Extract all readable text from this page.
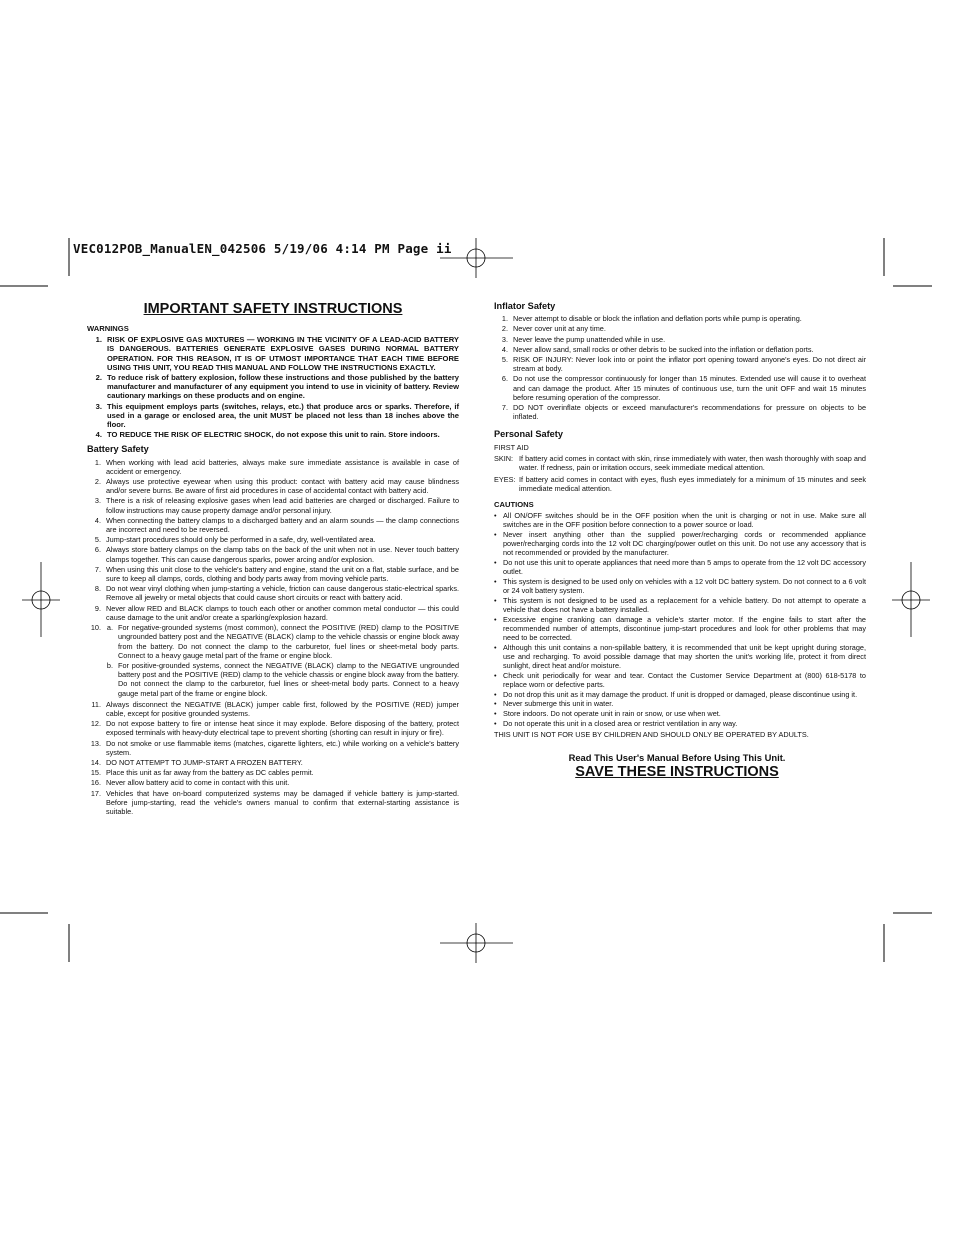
VEC012POB_ManualEN_042506 5/19/06 4:14 PM Page ii
IMPORTANT SAFETY INSTRUCTIONS
WARNINGS
1. RISK OF EXPLOSIVE GAS MIXTURES — WORKING IN THE VICINITY OF A LEAD-ACID BATTERY IS DANGEROUS. BATTERIES GENERATE EXPLOSIVE GASES DURING NORMAL BATTERY OPERATION. FOR THIS REASON, IT IS OF UTMOST IMPORTANCE THAT EACH TIME BEFORE USING THIS UNIT, YOU READ THIS MANUAL AND FOLLOW THE INSTRUCTIONS EXACTLY.
2. To reduce risk of battery explosion, follow these instructions and those published by the battery manufacturer and manufacturer of any equipment you intend to use in vicinity of battery. Review cautionary markings on these products and on engine.
3. This equipment employs parts (switches, relays, etc.) that produce arcs or sparks. Therefore, if used in a garage or enclosed area, the unit MUST be placed not less than 18 inches above the floor.
4. TO REDUCE THE RISK OF ELECTRIC SHOCK, do not expose this unit to rain. Store indoors.
Battery Safety
1. When working with lead acid batteries, always make sure immediate assistance is available in case of accident or emergency.
2. Always use protective eyewear when using this product: contact with battery acid may cause blindness and/or severe burns. Be aware of first aid procedures in case of accidental contact with battery acid.
3. There is a risk of releasing explosive gases when lead acid batteries are charged or discharged. Failure to follow instructions may cause property damage and/or personal injury.
4. When connecting the battery clamps to a discharged battery and an alarm sounds — the clamp connections are incorrect and need to be reversed.
5. Jump-start procedures should only be performed in a safe, dry, well-ventilated area.
6. Always store battery clamps on the clamp tabs on the back of the unit when not in use. Never touch battery clamps together. This can cause dangerous sparks, power arcing and/or explosion.
7. When using this unit close to the vehicle's battery and engine, stand the unit on a flat, stable surface, and be sure to keep all clamps, cords, clothing and body parts away from moving vehicle parts.
8. Do not wear vinyl clothing when jump-starting a vehicle, friction can cause dangerous static-electrical sparks. Remove all jewelry or metal objects that could cause short circuits or react with battery acid.
9. Never allow RED and BLACK clamps to touch each other or another common metal conductor — this could cause damage to the unit and/or create a sparking/explosion hazard.
10. a. For negative-grounded systems (most common), connect the POSITIVE (RED) clamp to the POSITIVE ungrounded battery post and the NEGATIVE (BLACK) clamp to the vehicle chassis or engine block away from the battery. Do not connect the clamp to the carburetor, fuel lines or sheet-metal body parts. Connect to a heavy gauge metal part of the frame or engine block.
b. For positive-grounded systems, connect the NEGATIVE (BLACK) clamp to the NEGATIVE ungrounded battery post and the POSITIVE (RED) clamp to the vehicle chassis or engine block away from the battery. Do not connect the clamp to the carburetor, fuel lines or sheet-metal body parts. Connect to a heavy gauge metal part of the frame or engine block.
11. Always disconnect the NEGATIVE (BLACK) jumper cable first, followed by the POSITIVE (RED) jumper cable, except for positive grounded systems.
12. Do not expose battery to fire or intense heat since it may explode. Before disposing of the battery, protect exposed terminals with heavy-duty electrical tape to prevent shorting (shorting can result in injury or fire).
13. Do not smoke or use flammable items (matches, cigarette lighters, etc.) while working on a vehicle's battery system.
14. DO NOT ATTEMPT TO JUMP-START A FROZEN BATTERY.
15. Place this unit as far away from the battery as DC cables permit.
16. Never allow battery acid to come in contact with this unit.
17. Vehicles that have on-board computerized systems may be damaged if vehicle battery is jump-started. Before jump-starting, read the vehicle's owners manual to confirm that external-starting assistance is suitable.
Inflator Safety
1. Never attempt to disable or block the inflation and deflation ports while pump is operating.
2. Never cover unit at any time.
3. Never leave the pump unattended while in use.
4. Never allow sand, small rocks or other debris to be sucked into the inflation or deflation ports.
5. RISK OF INJURY: Never look into or point the inflator port opening toward anyone's eyes. Do not direct air stream at body.
6. Do not use the compressor continuously for longer than 15 minutes. Extended use will cause it to overheat and can damage the product. After 15 minutes of continuous use, turn the unit OFF and wait 15 minutes before resuming operation of the compressor.
7. DO NOT overinflate objects or exceed manufacturer's recommendations for pressure on objects to be inflated.
Personal Safety
FIRST AID
SKIN: If battery acid comes in contact with skin, rinse immediately with water, then wash thoroughly with soap and water. If redness, pain or irritation occurs, seek immediate medical attention.
EYES: If battery acid comes in contact with eyes, flush eyes immediately for a minimum of 15 minutes and seek immediate medical attention.
CAUTIONS
• All ON/OFF switches should be in the OFF position when the unit is charging or not in use. Make sure all switches are in the OFF position before connection to a power source or load.
• Never insert anything other than the supplied power/recharging cords or recommended appliance power/recharging cords into the 12 volt DC charging/power outlet on this unit. Do not use any accessory that is not recommended or provided by the manufacturer.
• Do not use this unit to operate appliances that need more than 5 amps to operate from the 12 volt DC accessory outlet.
• This system is designed to be used only on vehicles with a 12 volt DC battery system. Do not connect to a 6 volt or 24 volt battery system.
• This system is not designed to be used as a replacement for a vehicle battery. Do not attempt to operate a vehicle that does not have a battery installed.
• Excessive engine cranking can damage a vehicle's starter motor. If the engine fails to start after the recommended number of attempts, discontinue jump-start procedures and look for other problems that may need to be corrected.
• Although this unit contains a non-spillable battery, it is recommended that unit be kept upright during storage, use and recharging. To avoid possible damage that may shorten the unit's working life, protect it from direct sunlight, direct heat and/or moisture.
• Check unit periodically for wear and tear. Contact the Customer Service Department at (800) 618-5178 to replace worn or defective parts.
• Do not drop this unit as it may damage the product. If unit is dropped or damaged, please discontinue using it.
• Never submerge this unit in water.
• Store indoors. Do not operate unit in rain or snow, or use when wet.
• Do not operate this unit in a closed area or restrict ventilation in any way.
THIS UNIT IS NOT FOR USE BY CHILDREN AND SHOULD ONLY BE OPERATED BY ADULTS.
Read This User's Manual Before Using This Unit.
SAVE THESE INSTRUCTIONS
